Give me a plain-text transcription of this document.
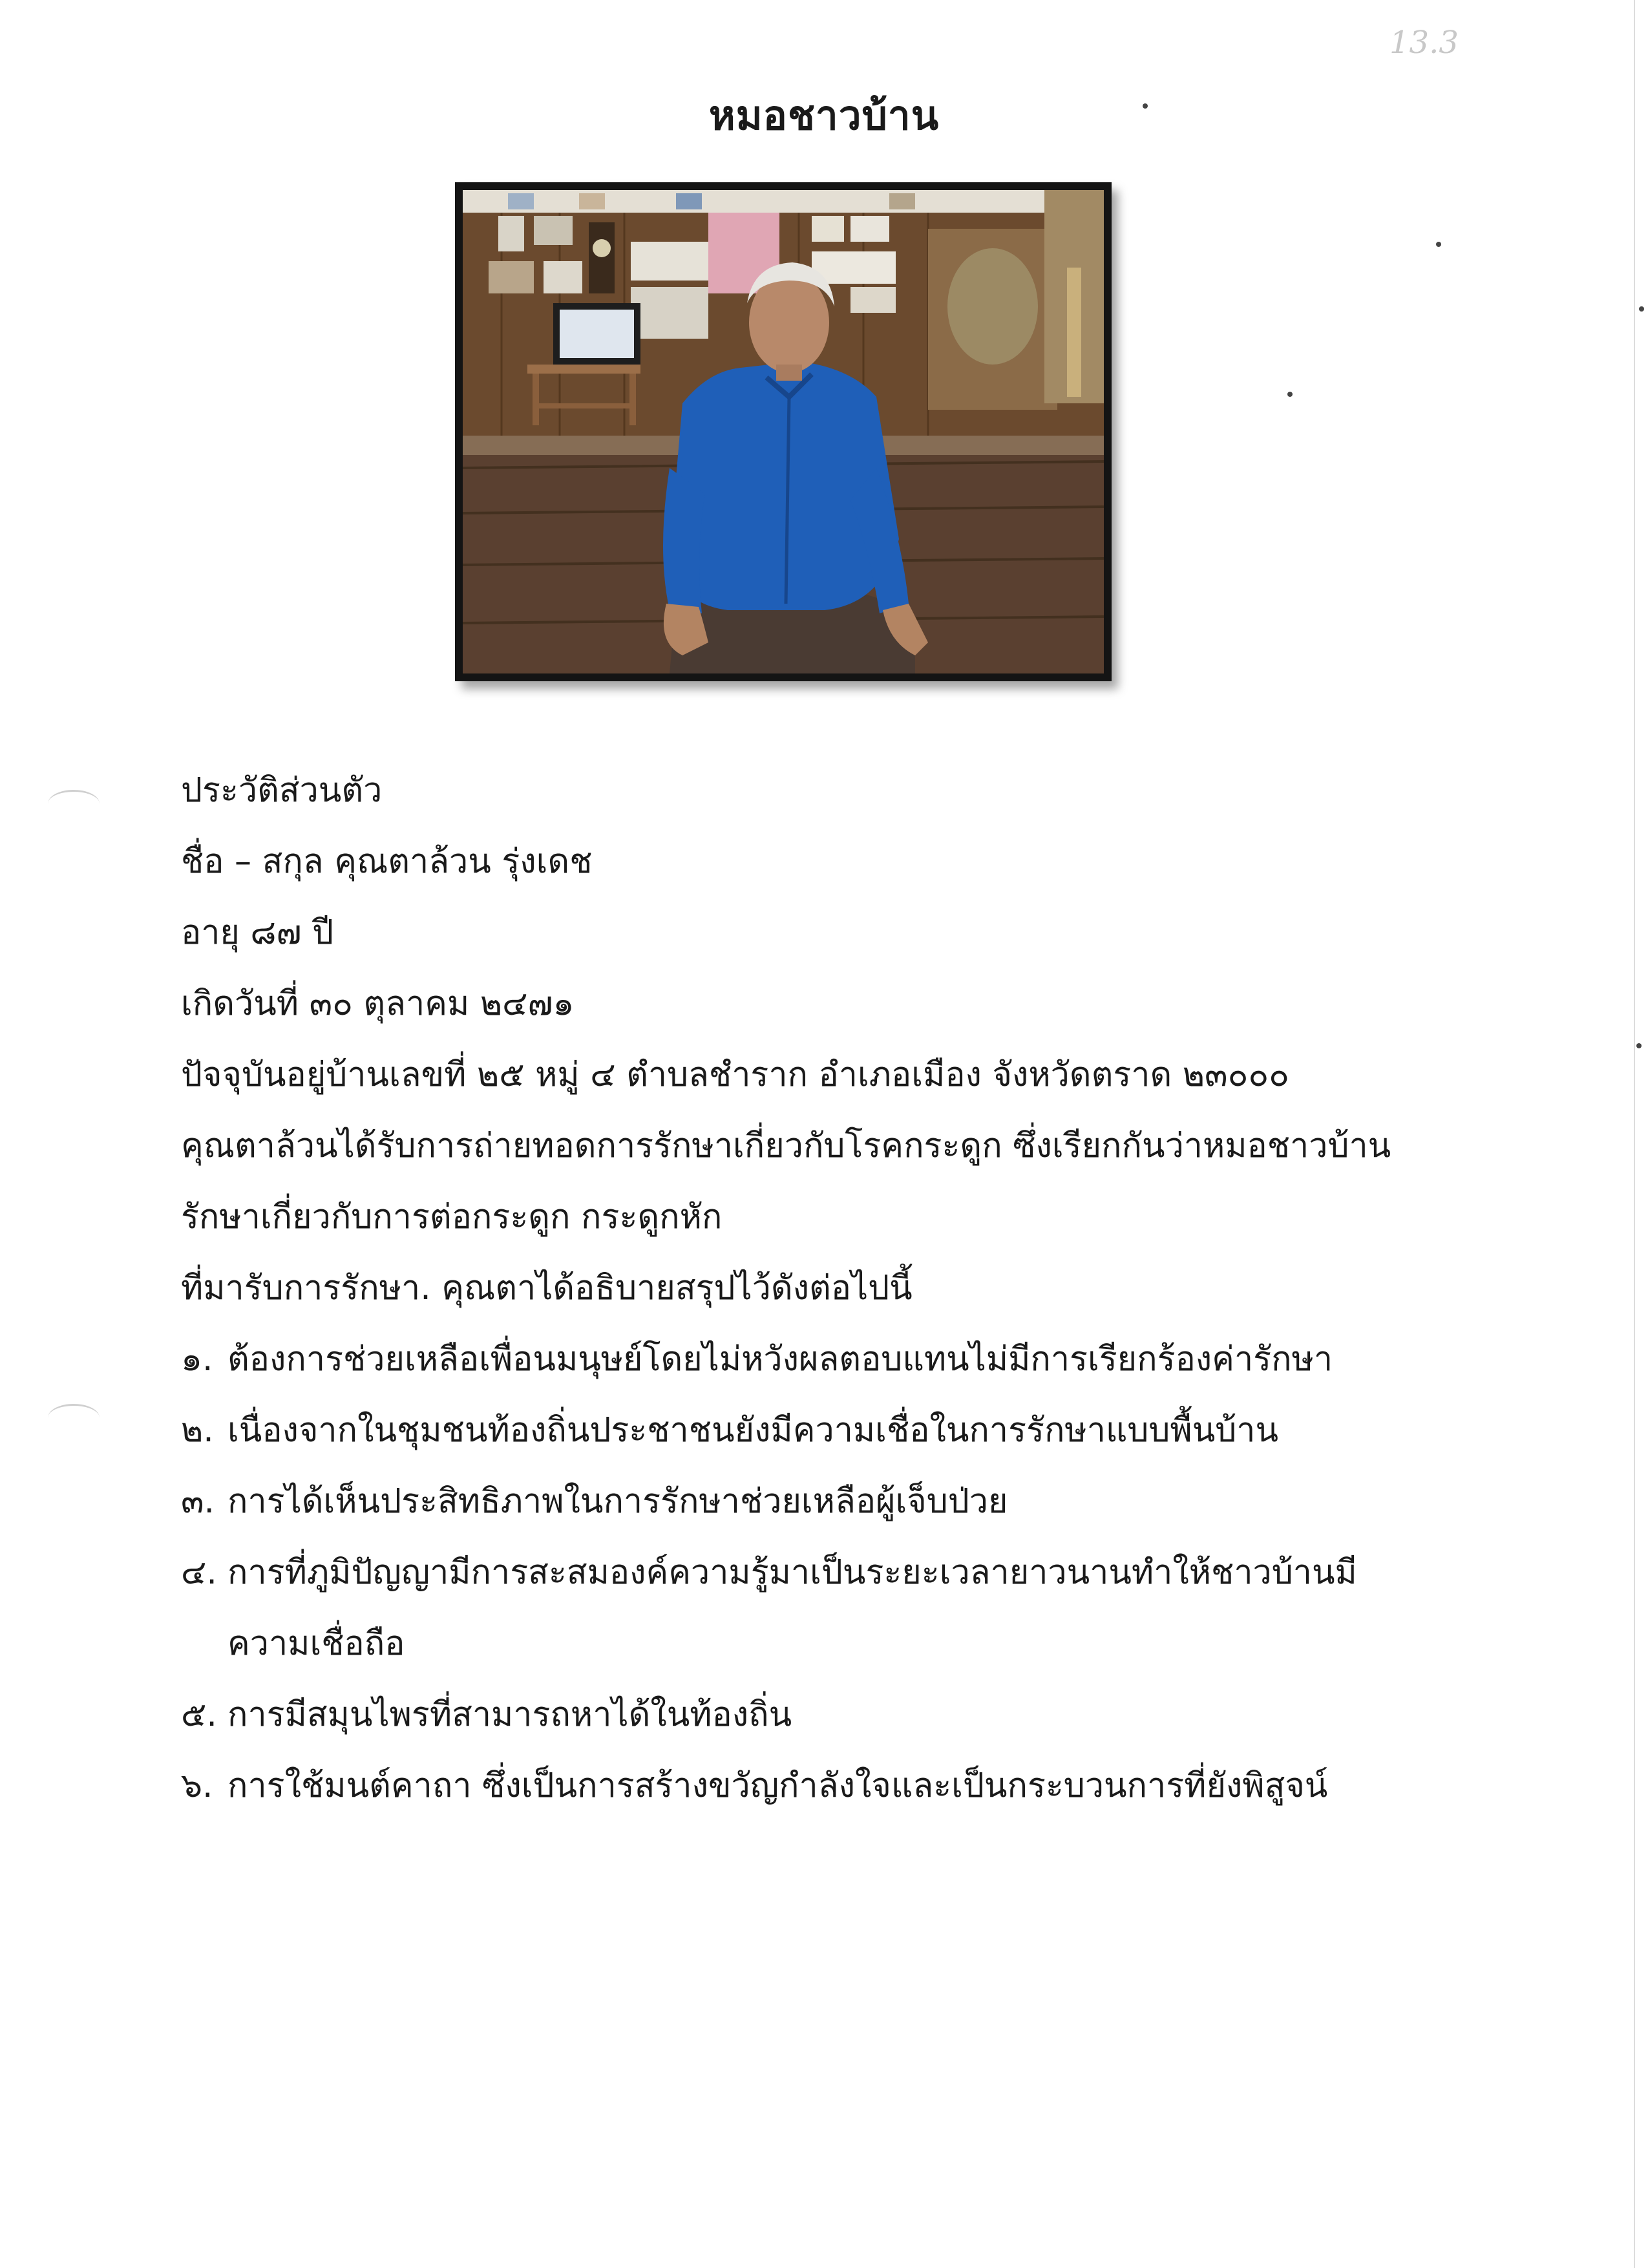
13.3
หมอชาวบ้าน
ประวัติส่วนตัว
ชื่อ – สกุล คุณตาล้วน รุ่งเดช
อายุ ๘๗ ปี
เกิดวันที่ ๓๐ ตุลาคม ๒๔๗๑
ปัจจุบันอยู่บ้านเลขที่ ๒๕ หมู่ ๔ ตำบลชำราก อำเภอเมือง จังหวัดตราด ๒๓๐๐๐
คุณตาล้วนได้รับการถ่ายทอดการรักษาเกี่ยวกับโรคกระดูก ซึ่งเรียกกันว่าหมอชาวบ้าน
รักษาเกี่ยวกับการต่อกระดูก กระดูกหัก
ที่มารับการรักษา. คุณตาได้อธิบายสรุปไว้ดังต่อไปนี้
๑. ต้องการช่วยเหลือเพื่อนมนุษย์โดยไม่หวังผลตอบแทนไม่มีการเรียกร้องค่ารักษา
๒. เนื่องจากในชุมชนท้องถิ่นประชาชนยังมีความเชื่อในการรักษาแบบพื้นบ้าน
๓. การได้เห็นประสิทธิภาพในการรักษาช่วยเหลือผู้เจ็บป่วย
๔. การที่ภูมิปัญญามีการสะสมองค์ความรู้มาเป็นระยะเวลายาวนานทำให้ชาวบ้านมี
ความเชื่อถือ
๕. การมีสมุนไพรที่สามารถหาได้ในท้องถิ่น
๖. การใช้มนต์คาถา ซึ่งเป็นการสร้างขวัญกำลังใจและเป็นกระบวนการที่ยังพิสูจน์
